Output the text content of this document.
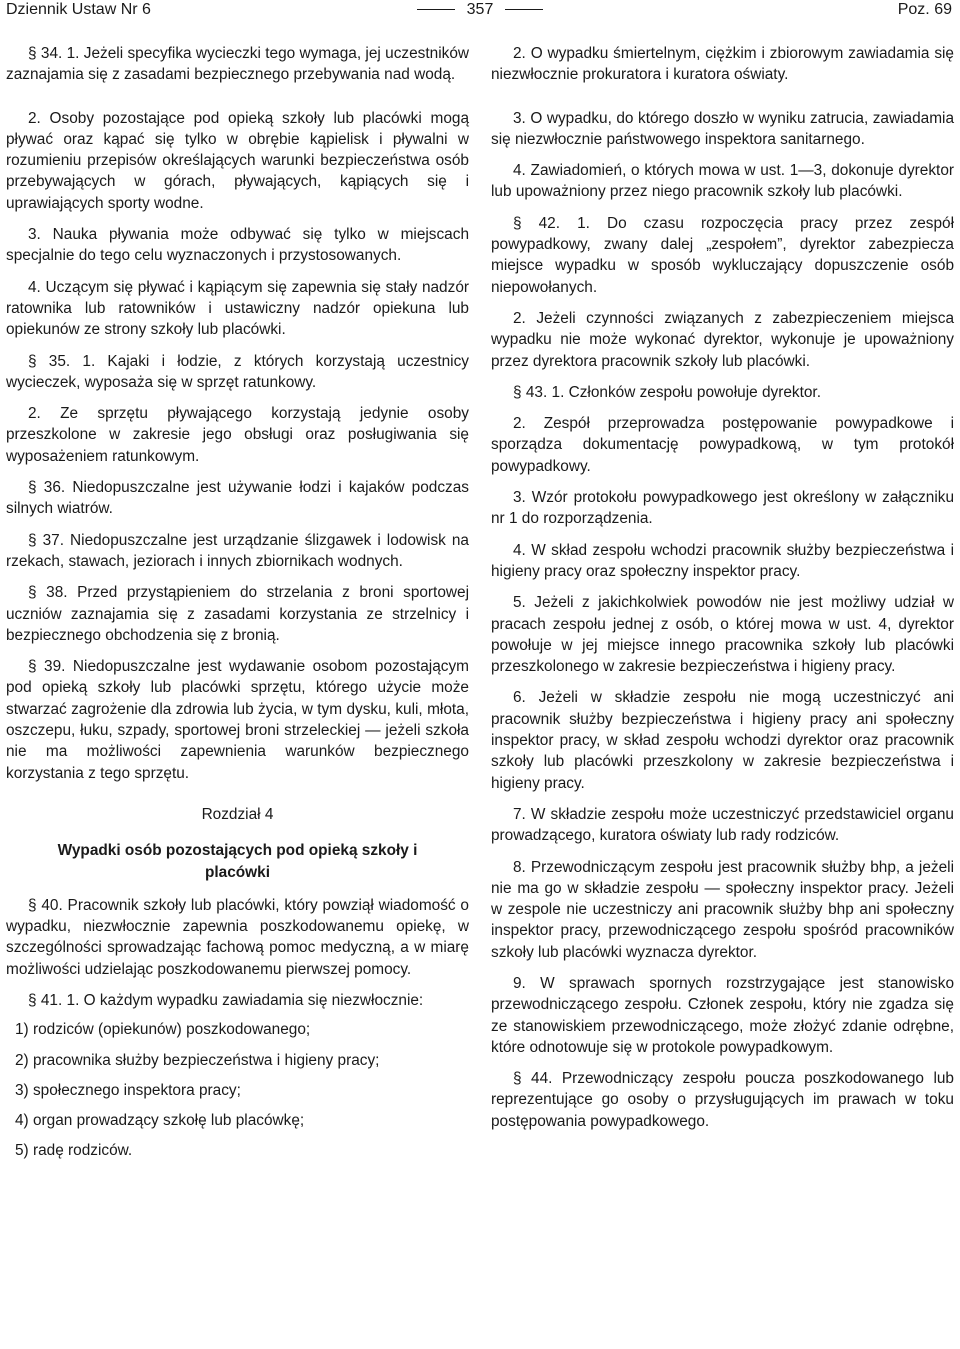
Dziennik Ustaw Nr 6	357	Poz. 69

§ 34. 1. Jeżeli specyfika wycieczki tego wymaga, jej uczestników zaznajamia się z zasadami bezpiecznego przebywania nad wodą.

2. Osoby pozostające pod opieką szkoły lub placówki mogą pływać oraz kąpać się tylko w obrębie kąpielisk i pływalni w rozumieniu przepisów określających warunki bezpieczeństwa osób przebywających w górach, pływających, kąpiących się i uprawiających sporty wodne.

3. Nauka pływania może odbywać się tylko w miejscach specjalnie do tego celu wyznaczonych i przystosowanych.

4. Uczącym się pływać i kąpiącym się zapewnia się stały nadzór ratownika lub ratowników i ustawiczny nadzór opiekuna lub opiekunów ze strony szkoły lub placówki.

§ 35. 1. Kajaki i łodzie, z których korzystają uczestnicy wycieczek, wyposaża się w sprzęt ratunkowy.

2. Ze sprzętu pływającego korzystają jedynie osoby przeszkolone w zakresie jego obsługi oraz posługiwania się wyposażeniem ratunkowym.

§ 36. Niedopuszczalne jest używanie łodzi i kajaków podczas silnych wiatrów.

§ 37. Niedopuszczalne jest urządzanie ślizgawek i lodowisk na rzekach, stawach, jeziorach i innych zbiornikach wodnych.

§ 38. Przed przystąpieniem do strzelania z broni sportowej uczniów zaznajamia się z zasadami korzystania ze strzelnicy i bezpiecznego obchodzenia się z bronią.

§ 39. Niedopuszczalne jest wydawanie osobom pozostającym pod opieką szkoły lub placówki sprzętu, którego użycie może stwarzać zagrożenie dla zdrowia lub życia, w tym dysku, kuli, młota, oszczepu, łuku, szpady, sportowej broni strzeleckiej — jeżeli szkoła nie ma możliwości zapewnienia warunków bezpiecznego korzystania z tego sprzętu.

Rozdział 4

Wypadki osób pozostających pod opieką szkoły i placówki

§ 40. Pracownik szkoły lub placówki, który powziął wiadomość o wypadku, niezwłocznie zapewnia poszkodowanemu opiekę, w szczególności sprowadzając fachową pomoc medyczną, a w miarę możliwości udzielając poszkodowanemu pierwszej pomocy.

§ 41. 1. O każdym wypadku zawiadamia się niezwłocznie:

1) rodziców (opiekunów) poszkodowanego;

2) pracownika służby bezpieczeństwa i higieny pracy;

3) społecznego inspektora pracy;

4) organ prowadzący szkołę lub placówkę;

5) radę rodziców.

2. O wypadku śmiertelnym, ciężkim i zbiorowym zawiadamia się niezwłocznie prokuratora i kuratora oświaty.

3. O wypadku, do którego doszło w wyniku zatrucia, zawiadamia się niezwłocznie państwowego inspektora sanitarnego.

4. Zawiadomień, o których mowa w ust. 1—3, dokonuje dyrektor lub upoważniony przez niego pracownik szkoły lub placówki.

§ 42. 1. Do czasu rozpoczęcia pracy przez zespół powypadkowy, zwany dalej „zespołem”, dyrektor zabezpiecza miejsce wypadku w sposób wykluczający dopuszczenie osób niepowołanych.

2. Jeżeli czynności związanych z zabezpieczeniem miejsca wypadku nie może wykonać dyrektor, wykonuje je upoważniony przez dyrektora pracownik szkoły lub placówki.

§ 43. 1. Członków zespołu powołuje dyrektor.

2. Zespół przeprowadza postępowanie powypadkowe i sporządza dokumentację powypadkową, w tym protokół powypadkowy.

3. Wzór protokołu powypadkowego jest określony w załączniku nr 1 do rozporządzenia.

4. W skład zespołu wchodzi pracownik służby bezpieczeństwa i higieny pracy oraz społeczny inspektor pracy.

5. Jeżeli z jakichkolwiek powodów nie jest możliwy udział w pracach zespołu jednej z osób, o której mowa w ust. 4, dyrektor powołuje w jej miejsce innego pracownika szkoły lub placówki przeszkolonego w zakresie bezpieczeństwa i higieny pracy.

6. Jeżeli w składzie zespołu nie mogą uczestniczyć ani pracownik służby bezpieczeństwa i higieny pracy ani społeczny inspektor pracy, w skład zespołu wchodzi dyrektor oraz pracownik szkoły lub placówki przeszkolony w zakresie bezpieczeństwa i higieny pracy.

7. W składzie zespołu może uczestniczyć przedstawiciel organu prowadzącego, kuratora oświaty lub rady rodziców.

8. Przewodniczącym zespołu jest pracownik służby bhp, a jeżeli nie ma go w składzie zespołu — społeczny inspektor pracy. Jeżeli w zespole nie uczestniczy ani pracownik służby bhp ani społeczny inspektor pracy, przewodniczącego zespołu spośród pracowników szkoły lub placówki wyznacza dyrektor.

9. W sprawach spornych rozstrzygające jest stanowisko przewodniczącego zespołu. Członek zespołu, który nie zgadza się ze stanowiskiem przewodniczącego, może złożyć zdanie odrębne, które odnotowuje się w protokole powypadkowym.

§ 44. Przewodniczący zespołu poucza poszkodowanego lub reprezentujące go osoby o przysługujących im prawach w toku postępowania powypadkowego.
